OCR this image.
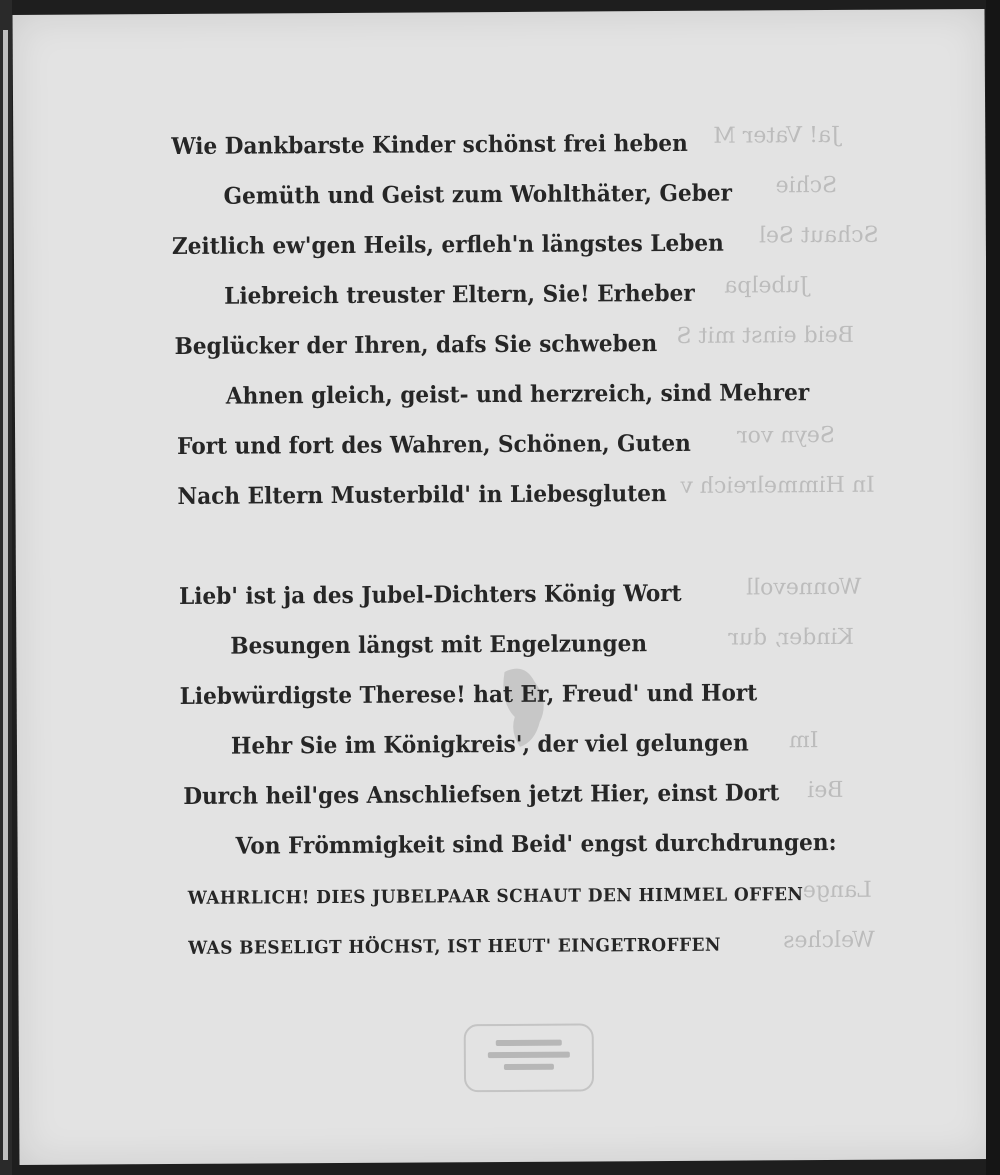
Ja! Vater M
Schie
Schaut Sel
Jubelpa
Beid einst mit S
Seyn vor
In Himmelreich v
Wonnevoll
Kinder, dur
Im
Bei
Lange
Welches
Wie Dankbarste Kinder schönst frei heben
Gemüth und Geist zum Wohlthäter, Geber
Zeitlich ew'gen Heils, erfleh'n längstes Leben
Liebreich treuster Eltern, Sie! Erheber
Beglücker der Ihren, dafs Sie schweben
Ahnen gleich, geist- und herzreich, sind Mehrer
Fort und fort des Wahren, Schönen, Guten
Nach Eltern Musterbild' in Liebesgluten
Lieb' ist ja des Jubel-Dichters König Wort
Besungen längst mit Engelzungen
Liebwürdigste Therese! hat Er, Freud' und Hort
Hehr Sie im Königkreis', der viel gelungen
Durch heil'ges Anschliefsen jetzt Hier, einst Dort
Von Frömmigkeit sind Beid' engst durchdrungen:
WAHRLICH! DIES JUBELPAAR SCHAUT DEN HIMMEL OFFEN
WAS BESELIGT HÖCHST, IST HEUT' EINGETROFFEN
